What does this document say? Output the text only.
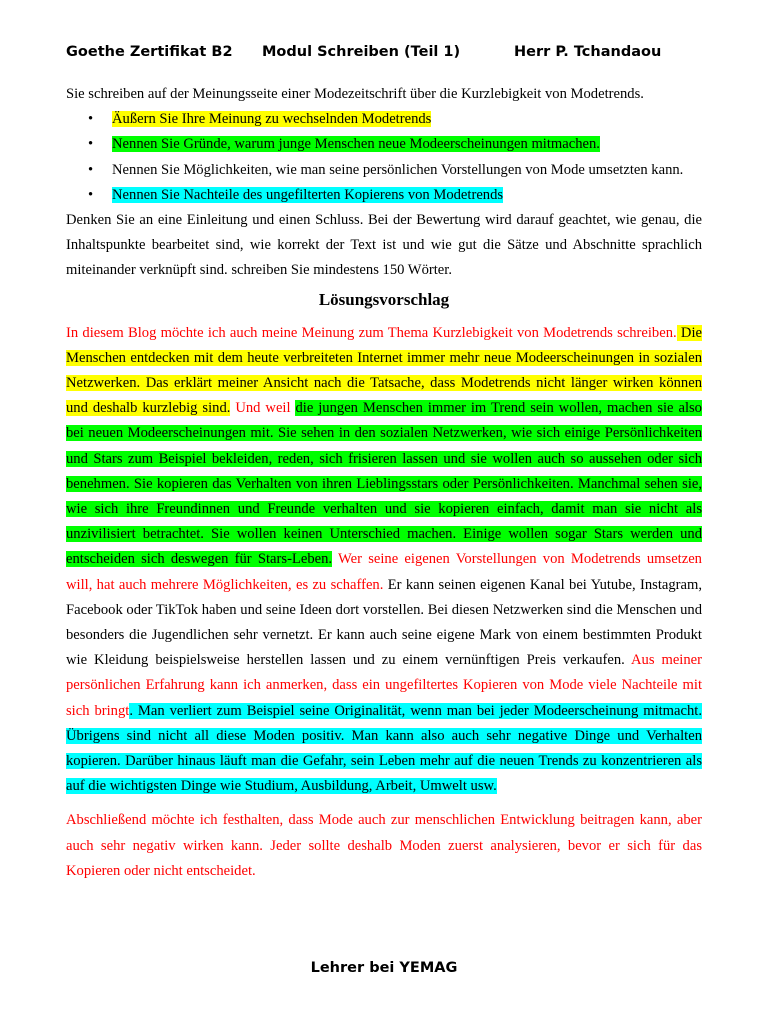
Goethe Zertifikat B2 Modul Schreiben (Teil 1)	Herr P. Tchandaou

Sie schreiben auf der Meinungsseite einer Modezeitschrift über die Kurzlebigkeit von Modetrends.

• Äußern Sie Ihre Meinung zu wechselnden Modetrends
• Nennen Sie Gründe, warum junge Menschen neue Modeerscheinungen mitmachen.
• Nennen Sie Möglichkeiten, wie man seine persönlichen Vorstellungen von Mode umsetzten kann.
• Nennen Sie Nachteile des ungefilterten Kopierens von Modetrends

Denken Sie an eine Einleitung und einen Schluss. Bei der Bewertung wird darauf geachtet, wie genau, die Inhaltspunkte bearbeitet sind, wie korrekt der Text ist und wie gut die Sätze und Abschnitte sprachlich miteinander verknüpft sind. schreiben Sie mindestens 150 Wörter.

Lösungsvorschlag

In diesem Blog möchte ich auch meine Meinung zum Thema Kurzlebigkeit von Modetrends schreiben. Die Menschen entdecken mit dem heute verbreiteten Internet immer mehr neue Modeerscheinungen in sozialen Netzwerken. Das erklärt meiner Ansicht nach die Tatsache, dass Modetrends nicht länger wirken können und deshalb kurzlebig sind. Und weil die jungen Menschen immer im Trend sein wollen, machen sie also bei neuen Modeerscheinungen mit. Sie sehen in den sozialen Netzwerken, wie sich einige Persönlichkeiten und Stars zum Beispiel bekleiden, reden, sich frisieren lassen und sie wollen auch so aussehen oder sich benehmen. Sie kopieren das Verhalten von ihren Lieblingsstars oder Persönlichkeiten. Manchmal sehen sie, wie sich ihre Freundinnen und Freunde verhalten und sie kopieren einfach, damit man sie nicht als unzivilisiert betrachtet. Sie wollen keinen Unterschied machen. Einige wollen sogar Stars werden und entscheiden sich deswegen für Stars-Leben. Wer seine eigenen Vorstellungen von Modetrends umsetzen will, hat auch mehrere Möglichkeiten, es zu schaffen. Er kann seinen eigenen Kanal bei Yutube, Instagram, Facebook oder TikTok haben und seine Ideen dort vorstellen. Bei diesen Netzwerken sind die Menschen und besonders die Jugendlichen sehr vernetzt. Er kann auch seine eigene Mark von einem bestimmten Produkt wie Kleidung beispielsweise herstellen lassen und zu einem vernünftigen Preis verkaufen. Aus meiner persönlichen Erfahrung kann ich anmerken, dass ein ungefiltertes Kopieren von Mode viele Nachteile mit sich bringt. Man verliert zum Beispiel seine Originalität, wenn man bei jeder Modeerscheinung mitmacht. Übrigens sind nicht all diese Moden positiv. Man kann also auch sehr negative Dinge und Verhalten kopieren. Darüber hinaus läuft man die Gefahr, sein Leben mehr auf die neuen Trends zu konzentrieren als auf die wichtigsten Dinge wie Studium, Ausbildung, Arbeit, Umwelt usw.

Abschließend möchte ich festhalten, dass Mode auch zur menschlichen Entwicklung beitragen kann, aber auch sehr negativ wirken kann. Jeder sollte deshalb Moden zuerst analysieren, bevor er sich für das Kopieren oder nicht entscheidet.

Lehrer bei YEMAG
